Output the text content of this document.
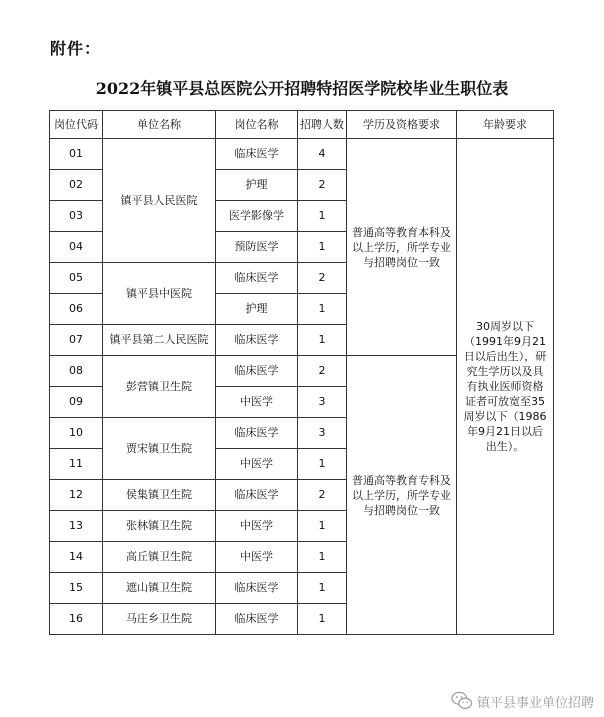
附件：
2022年镇平县总医院公开招聘特招医学院校毕业生职位表
岗位代码	单位名称	岗位名称	招聘人数	学历及资格要求	年龄要求
01	镇平县人民医院	临床医学	4	普通高等教育本科及以上学历，所学专业与招聘岗位一致	30周岁以下（1991年9月21日以后出生），研究生学历以及具有执业医师资格证者可放宽至35周岁以下（1986年9月21日以后出生）。
02		护理	2		
03		医学影像学	1		
04		预防医学	1		
05	镇平县中医院	临床医学	2		
06		护理	1		
07	镇平县第二人民医院	临床医学	1		
08	彭营镇卫生院	临床医学	2	普通高等教育专科及以上学历，所学专业与招聘岗位一致	
09		中医学	3		
10	贾宋镇卫生院	临床医学	3		
11		中医学	1		
12	侯集镇卫生院	临床医学	2		
13	张林镇卫生院	中医学	1		
14	高丘镇卫生院	中医学	1		
15	遮山镇卫生院	临床医学	1		
16	马庄乡卫生院	临床医学	1		
镇平县事业单位招聘
